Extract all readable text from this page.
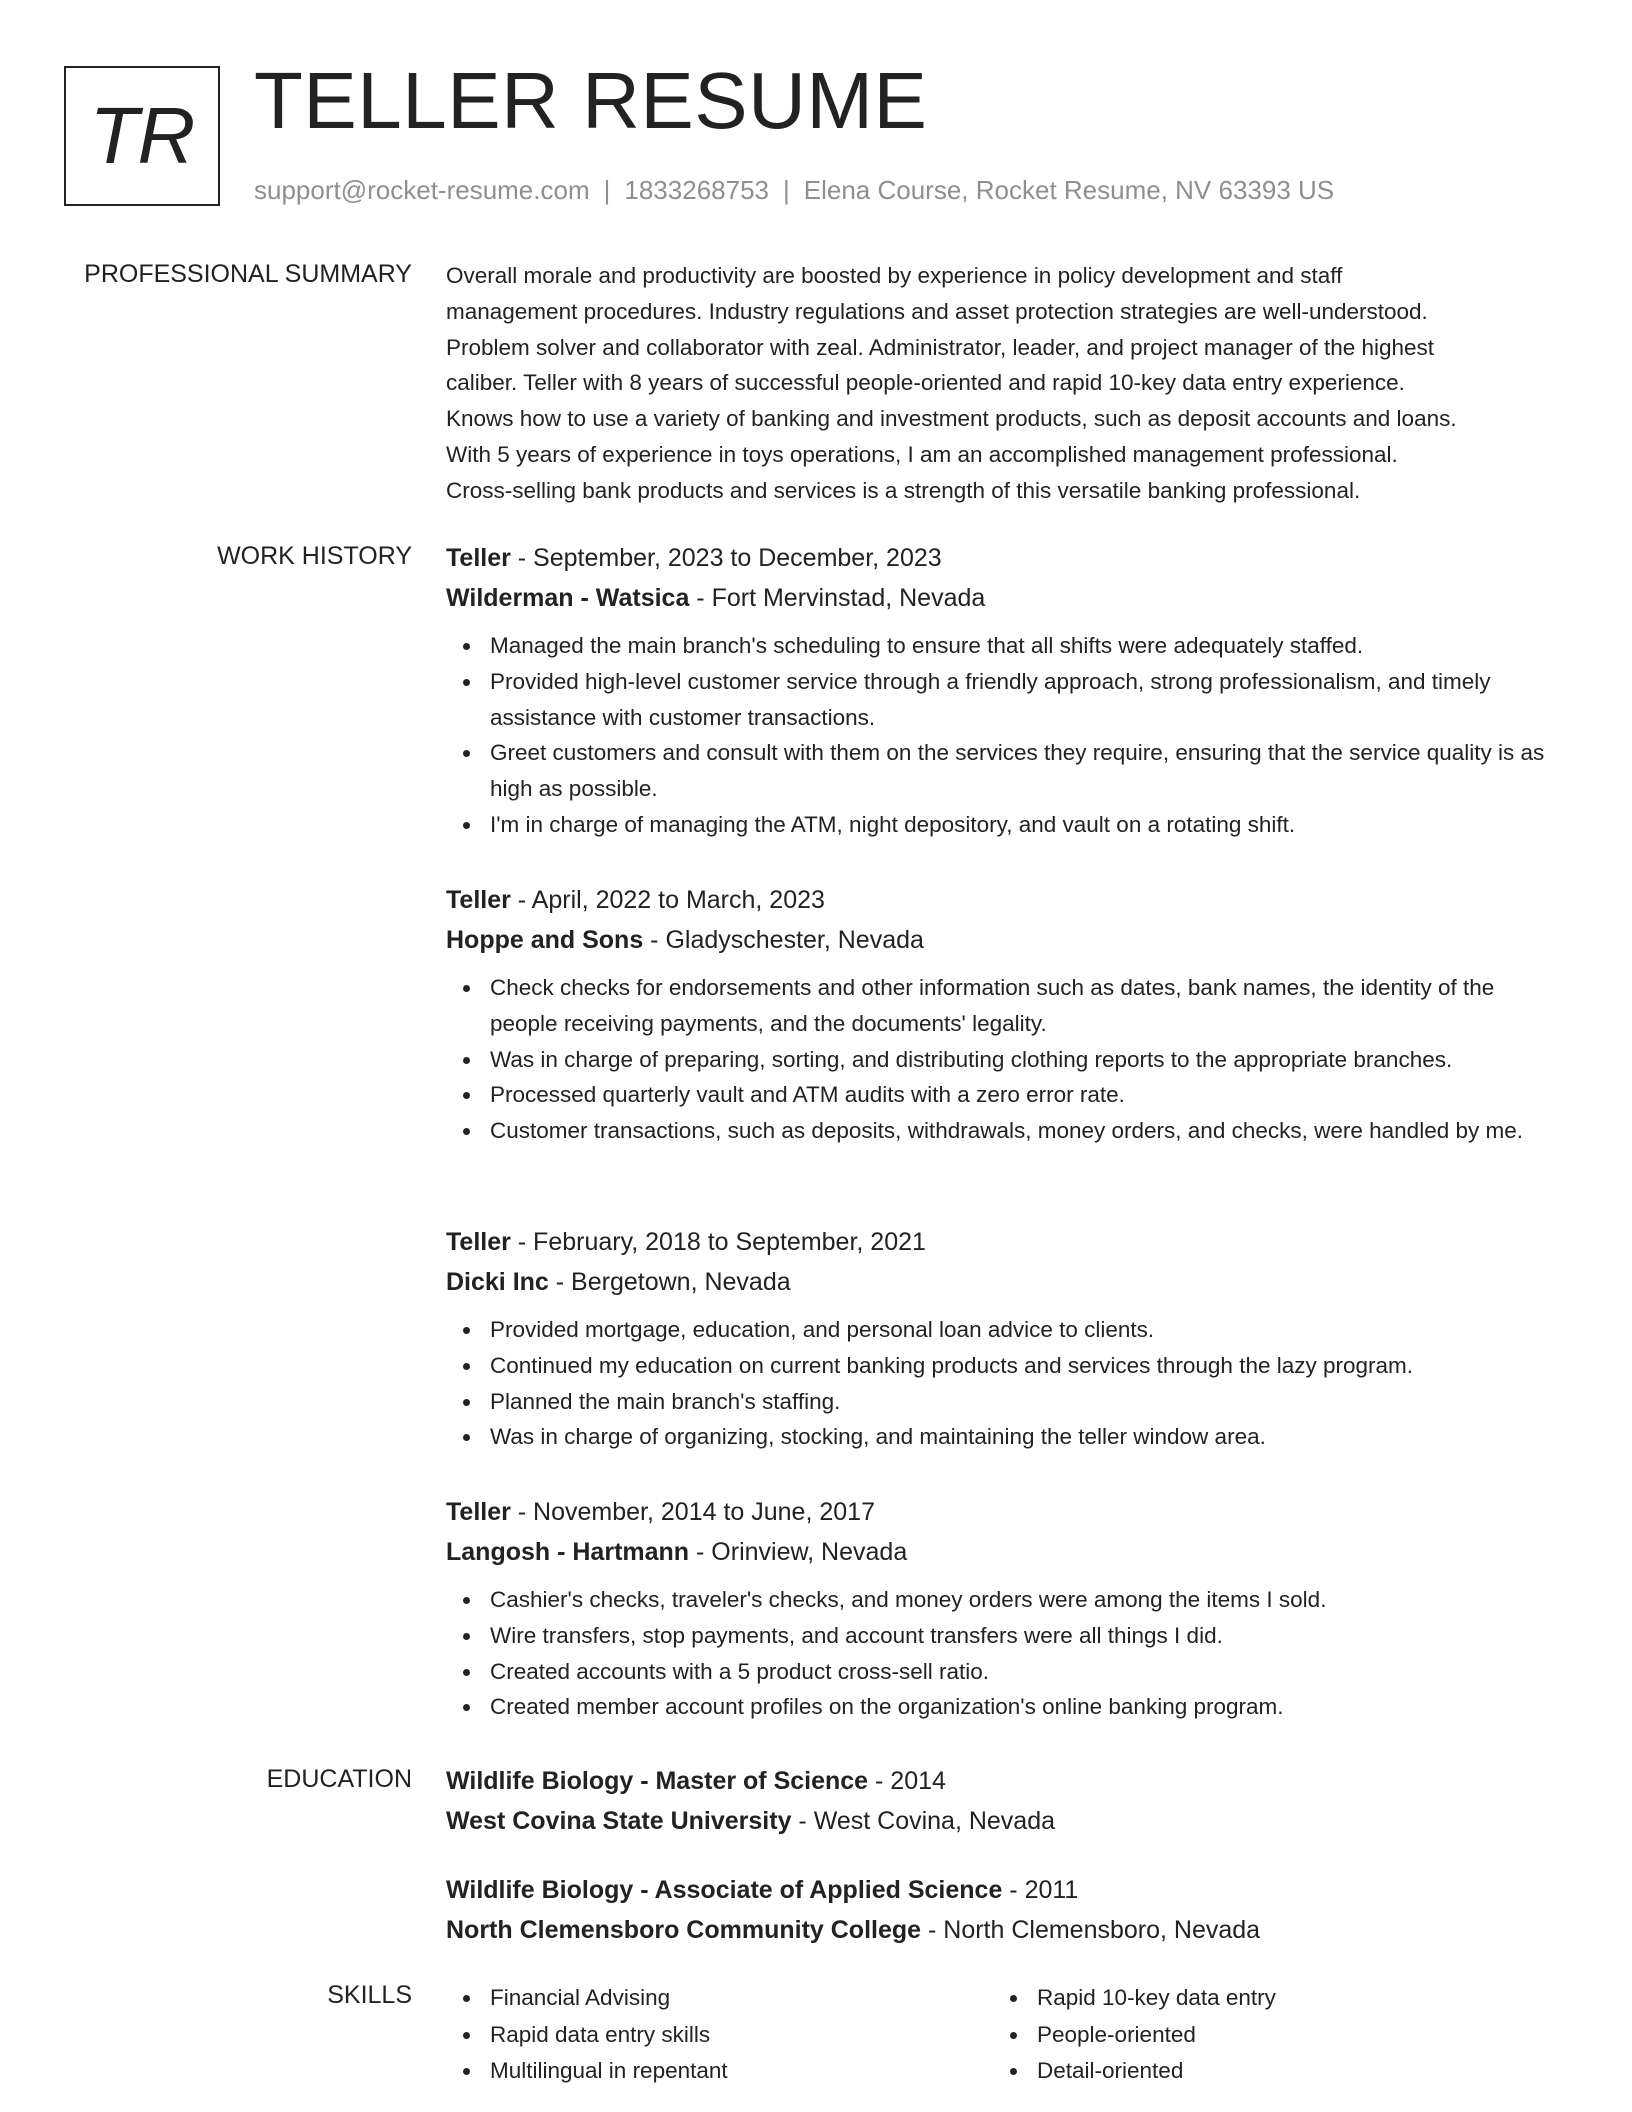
TR TELLER RESUME
support@rocket-resume.com | 1833268753 | Elena Course, Rocket Resume, NV 63393 US
PROFESSIONAL SUMMARY Overall morale and productivity are boosted by experience in policy development and staff
management procedures. Industry regulations and asset protection strategies are well-understood.
Problem solver and collaborator with zeal. Administrator, leader, and project manager of the highest
caliber. Teller with 8 years of successful people-oriented and rapid 10-key data entry experience.
Knows how to use a variety of banking and investment products, such as deposit accounts and loans.
With 5 years of experience in toys operations, I am an accomplished management professional.
Cross-selling bank products and services is a strength of this versatile banking professional.

WORK HISTORY Teller - September, 2023 to December, 2023
Wilderman - Watsica - Fort Mervinstad, Nevada
Managed the main branch's scheduling to ensure that all shifts were adequately staffed.
Provided high-level customer service through a friendly approach, strong professionalism, and timely assistance with customer transactions.
Greet customers and consult with them on the services they require, ensuring that the service quality is as high as possible.
I'm in charge of managing the ATM, night depository, and vault on a rotating shift.
Teller - April, 2022 to March, 2023
Hoppe and Sons - Gladyschester, Nevada
Check checks for endorsements and other information such as dates, bank names, the identity of the people receiving payments, and the documents' legality.
Was in charge of preparing, sorting, and distributing clothing reports to the appropriate branches.
Processed quarterly vault and ATM audits with a zero error rate.
Customer transactions, such as deposits, withdrawals, money orders, and checks, were handled by me.
Teller - February, 2018 to September, 2021
Dicki Inc - Bergetown, Nevada
Provided mortgage, education, and personal loan advice to clients.
Continued my education on current banking products and services through the lazy program.
Planned the main branch's staffing.
Was in charge of organizing, stocking, and maintaining the teller window area.
Teller - November, 2014 to June, 2017
Langosh - Hartmann - Orinview, Nevada
Cashier's checks, traveler's checks, and money orders were among the items I sold.
Wire transfers, stop payments, and account transfers were all things I did.
Created accounts with a 5 product cross-sell ratio.
Created member account profiles on the organization's online banking program.
EDUCATION Wildlife Biology - Master of Science - 2014
West Covina State University - West Covina, Nevada
Wildlife Biology - Associate of Applied Science - 2011
North Clemensboro Community College - North Clemensboro, Nevada
SKILLS	Financial Advising
Rapid data entry skills
Multilingual in repentant
Rapid 10-key data entry
People-oriented
Detail-oriented
